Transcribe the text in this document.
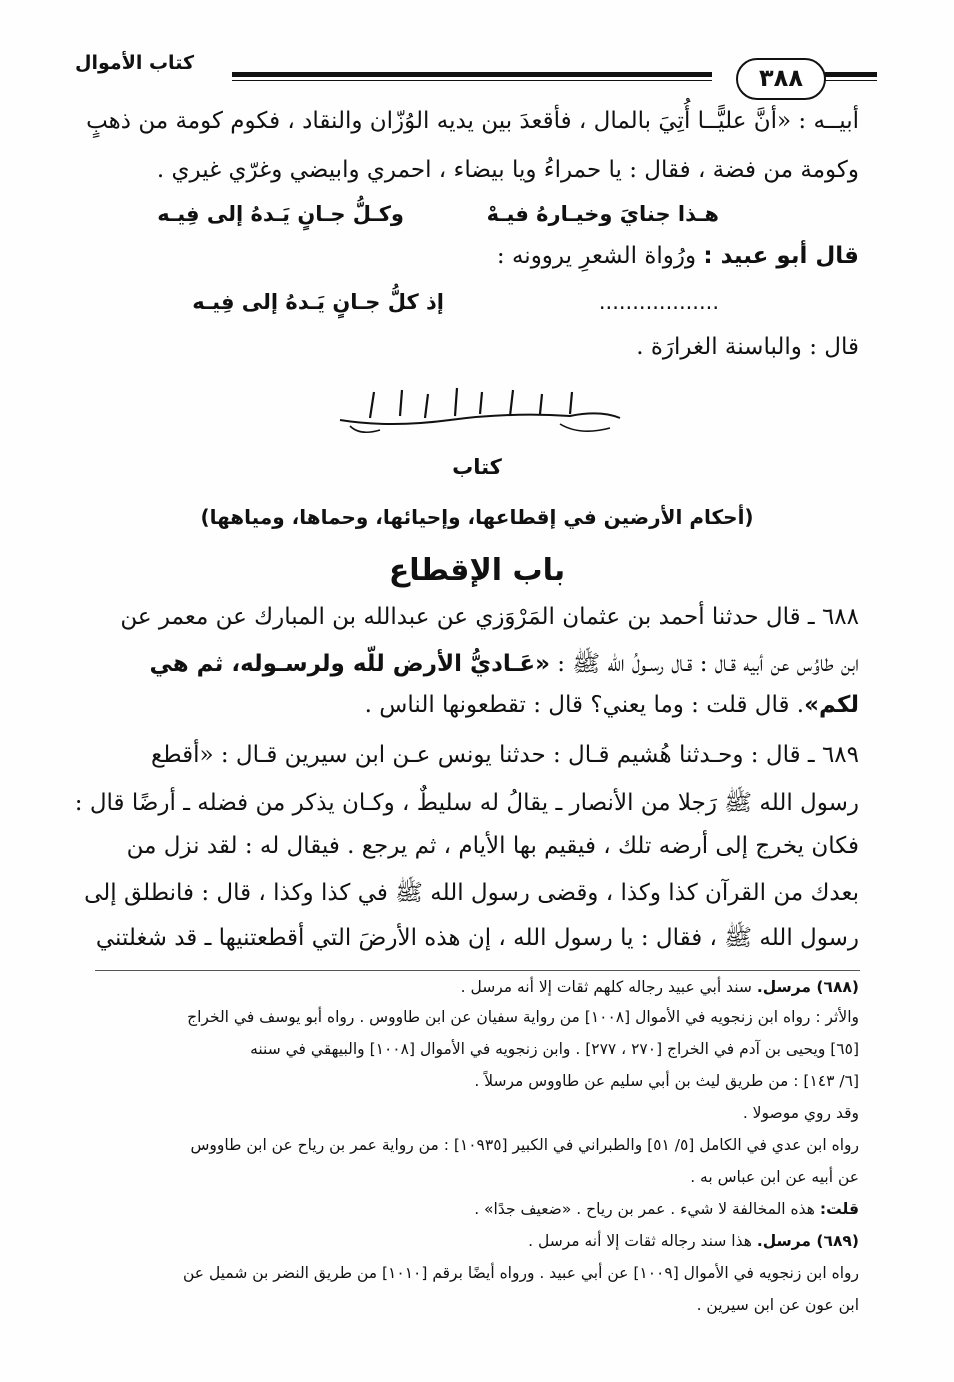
كتاب الأموال
٣٨٨
أبيــه : «أنَّ عليًّــا أُتِيَ بالمال ، فأقعدَ بين يديه الوُزّان والنقاد ، فكوم كومة من ذهبٍ
وكومة من فضة ، فقال : يا حمراءُ ويا بيضاء ، احمري وابيضي وغرّي غيري .
هـذا جنايَ وخيـارهُ فيـهْ
وكـلُّ جـانٍ يَـدهُ إلى فِيـه
قال أبو عبيد : ورُواة الشعرِ يروونه :
..................
إذ كلُّ جـانٍ يَـدهُ إلى فِيـه
قال : والباسنة الغرارَة .
بسم الله الرحمن الرحيم
كتاب
(أحكام الأرضين في إقطاعها، وإحيائها، وحماها، ومياهها)
باب الإقطاع
٦٨٨ ـ قال حدثنا أحمد بن عثمان المَرْوَزي عن عبدالله بن المبارك عن معمر عن
ابن طاوُس عن أبيه قـال : قـال رسـولُ الله ﷺ : «عَـاديُّ الأرض للّه ولرسـوله، ثم هي
لكم». قال قلت : وما يعني؟ قال : تقطعونها الناس .
٦٨٩ ـ قال : وحـدثنا هُشيم قـال : حدثنا يونس عـن ابن سيرين قـال : «أقطع
رسول الله ﷺ رَجلا من الأنصار ـ يقالُ له سليطٌ ، وكـان يذكر من فضله ـ أرضًا قال :
فكان يخرج إلى أرضه تلك ، فيقيم بها الأيام ، ثم يرجع . فيقال له : لقد نزل من
بعدك من القرآن كذا وكذا ، وقضى رسول الله ﷺ في كذا وكذا ، قال : فانطلق إلى
رسول الله ﷺ ، فقال : يا رسول الله ، إن هذه الأرضَ التي أقطعتنيها ـ قد شغلتني
(٦٨٨) مرسل. سند أبي عبيد رجاله كلهم ثقات إلا أنه مرسل .
والأثر : رواه ابن زنجويه في الأموال [١٠٠٨] من رواية سفيان عن ابن طاووس . رواه أبو يوسف في الخراج
[٦٥] ويحيى بن آدم في الخراج [٢٧٠ ، ٢٧٧] . وابن زنجويه في الأموال [١٠٠٨] والبيهقي في سننه
[٦/ ١٤٣] : من طريق ليث بن أبي سليم عن طاووس مرسلاً .
وقد روي موصولا .
رواه ابن عدي في الكامل [٥/ ٥١] والطبراني في الكبير [١٠٩٣٥] : من رواية عمر بن رياح عن ابن طاووس
عن أبيه عن ابن عباس به .
قلت: هذه المخالفة لا شيء . عمر بن رياح . «ضعيف جدًا» .
(٦٨٩) مرسل. هذا سند رجاله ثقات إلا أنه مرسل .
رواه ابن زنجويه في الأموال [١٠٠٩] عن أبي عبيد . ورواه أيضًا برقم [١٠١٠] من طريق النضر بن شميل عن
ابن عون عن ابن سيرين .
